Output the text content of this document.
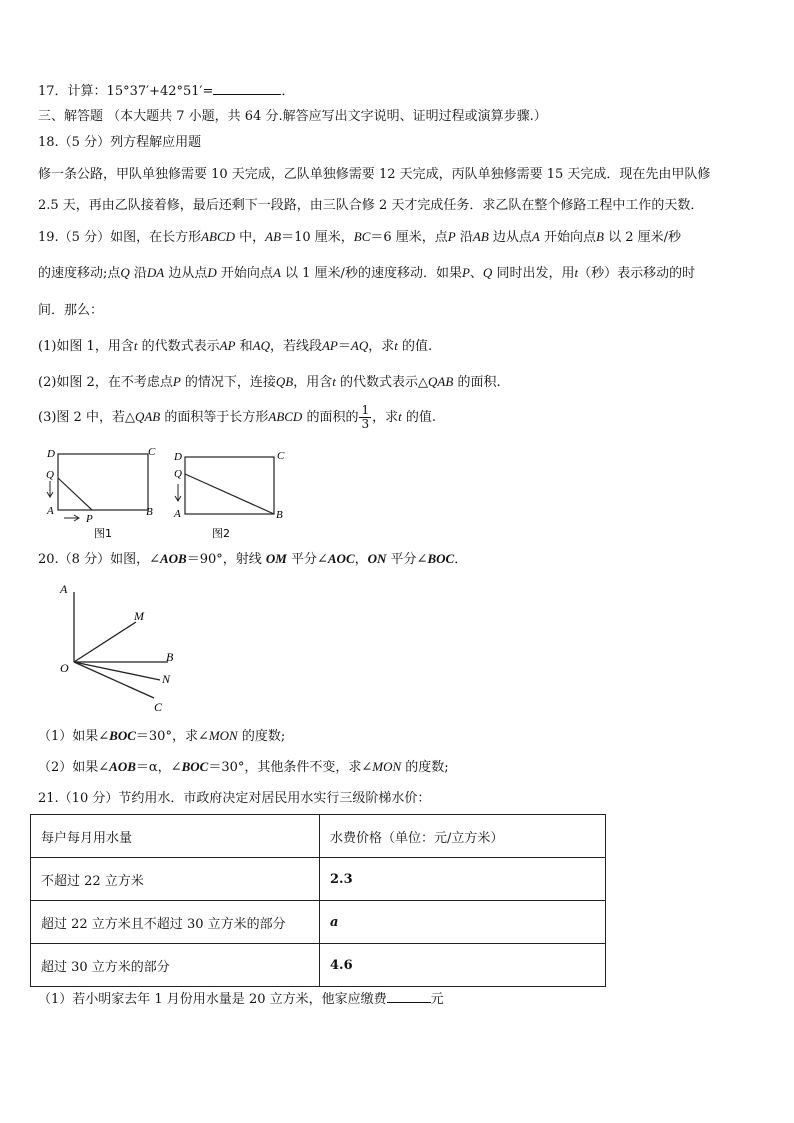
17．计算：15°37′+42°51′=	．
三、解答题 （本大题共 7 小题，共 64 分.解答应写出文字说明、证明过程或演算步骤.）
18.（5 分）列方程解应用题
修一条公路，甲队单独修需要 10 天完成，乙队单独修需要 12 天完成，丙队单独修需要 15 天完成．现在先由甲队修
2.5 天，再由乙队接着修，最后还剩下一段路，由三队合修 2 天才完成任务．求乙队在整个修路工程中工作的天数．
19.（5 分）如图，在长方形ABCD 中，AB＝10 厘米，BC＝6 厘米，点P 沿AB 边从点A 开始向点B 以 2 厘米/秒
的速度移动;点Q 沿DA 边从点D 开始向点A 以 1 厘米/秒的速度移动．如果P、Q 同时出发，用t（秒）表示移动的时
间．那么：
(1)如图 1，用含t 的代数式表示AP 和AQ，若线段AP＝AQ，求t 的值.
(2)如图 2，在不考虑点P 的情况下，连接QB，用含t 的代数式表示△QAB 的面积.
(3)图 2 中，若△QAB 的面积等于长方形ABCD 的面积的 $\frac{1}{3}$ ，求t 的值.
D	C
Q
A	B
P
图1
D	C
Q
A	B
图2
20.（8 分）如图，∠AOB＝90°，射线 OM 平分∠AOC，ON 平分∠BOC．
A
M
O
B
N
C
（1）如果∠BOC＝30°，求∠MON 的度数;
（2）如果∠AOB＝α，∠BOC＝30°，其他条件不变，求∠MON 的度数;
21.（10 分）节约用水．市政府决定对居民用水实行三级阶梯水价：
每户每月用水量	水费价格（单位：元/立方米）
不超过 22 立方米	2.3
超过 22 立方米且不超过 30 立方米的部分	a
超过 30 立方米的部分	4.6
（1）若小明家去年 1 月份用水量是 20 立方米，他家应缴费	元
